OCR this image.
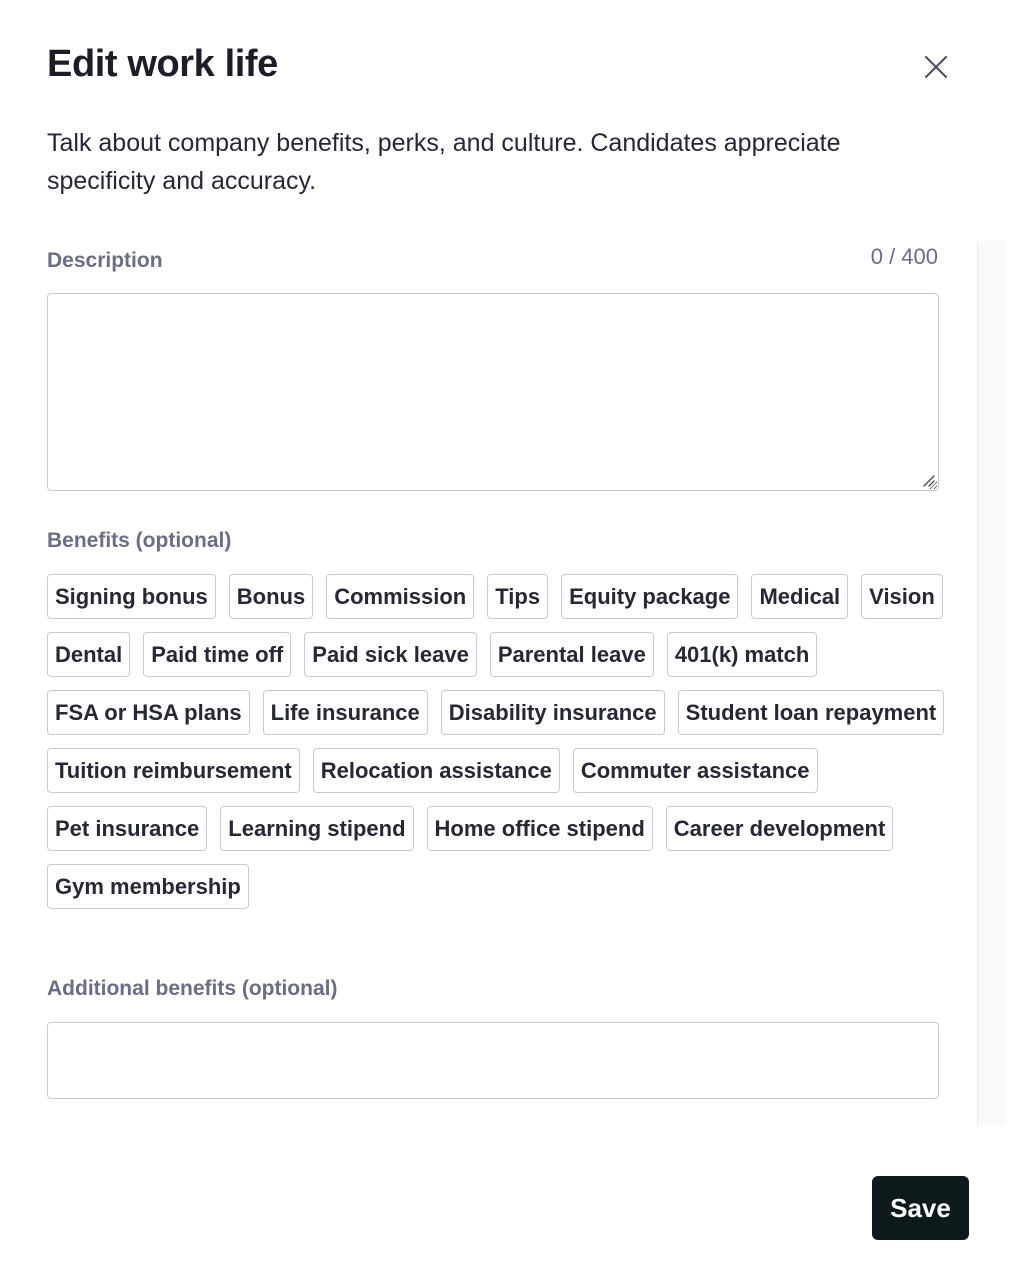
Edit work life

Talk about company benefits, perks, and culture. Candidates appreciate specificity and accuracy.

Description	0 / 400
Benefits (optional)
Signing bonus	Bonus	Commission	Tips	Equity package	Medical	Vision
Dental	Paid time off	Paid sick leave	Parental leave	401(k) match
FSA or HSA plans	Life insurance	Disability insurance	Student loan repayment
Tuition reimbursement	Relocation assistance	Commuter assistance
Pet insurance	Learning stipend	Home office stipend	Career development
Gym membership
Additional benefits (optional)
Save
